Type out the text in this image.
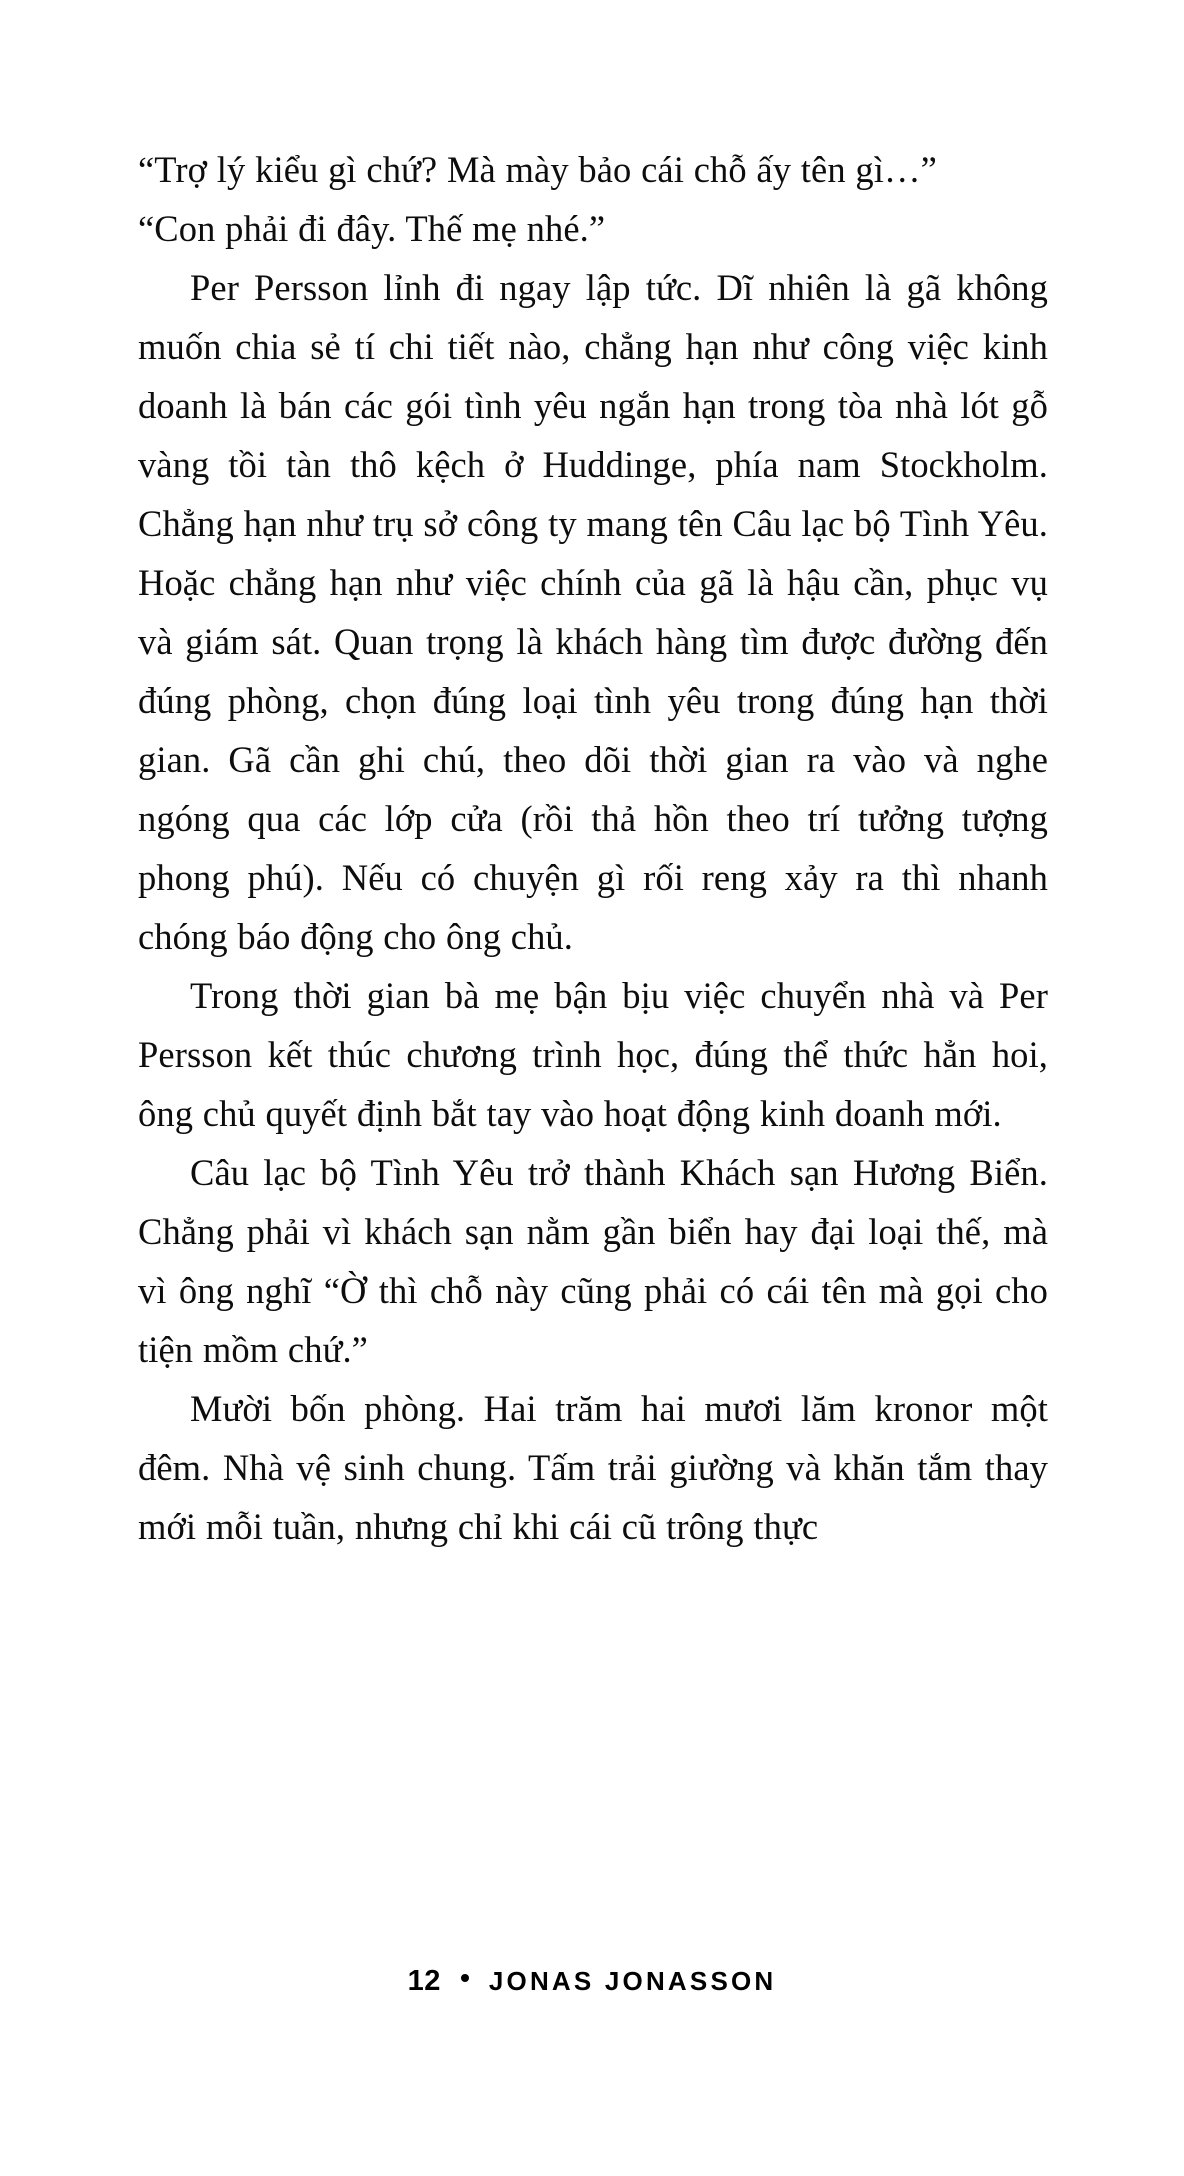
“Trợ lý kiểu gì chứ? Mà mày bảo cái chỗ ấy tên gì…”

“Con phải đi đây. Thế mẹ nhé.”

Per Persson lỉnh đi ngay lập tức. Dĩ nhiên là gã không muốn chia sẻ tí chi tiết nào, chẳng hạn như công việc kinh doanh là bán các gói tình yêu ngắn hạn trong tòa nhà lót gỗ vàng tồi tàn thô kệch ở Huddinge, phía nam Stockholm. Chẳng hạn như trụ sở công ty mang tên Câu lạc bộ Tình Yêu. Hoặc chẳng hạn như việc chính của gã là hậu cần, phục vụ và giám sát. Quan trọng là khách hàng tìm được đường đến đúng phòng, chọn đúng loại tình yêu trong đúng hạn thời gian. Gã cần ghi chú, theo dõi thời gian ra vào và nghe ngóng qua các lớp cửa (rồi thả hồn theo trí tưởng tượng phong phú). Nếu có chuyện gì rối reng xảy ra thì nhanh chóng báo động cho ông chủ.

Trong thời gian bà mẹ bận bịu việc chuyển nhà và Per Persson kết thúc chương trình học, đúng thể thức hẳn hoi, ông chủ quyết định bắt tay vào hoạt động kinh doanh mới.

Câu lạc bộ Tình Yêu trở thành Khách sạn Hương Biển. Chẳng phải vì khách sạn nằm gần biển hay đại loại thế, mà vì ông nghĩ “Ờ thì chỗ này cũng phải có cái tên mà gọi cho tiện mồm chứ.”

Mười bốn phòng. Hai trăm hai mươi lăm kronor một đêm. Nhà vệ sinh chung. Tấm trải giường và khăn tắm thay mới mỗi tuần, nhưng chỉ khi cái cũ trông thực

12 JONAS JONASSON
